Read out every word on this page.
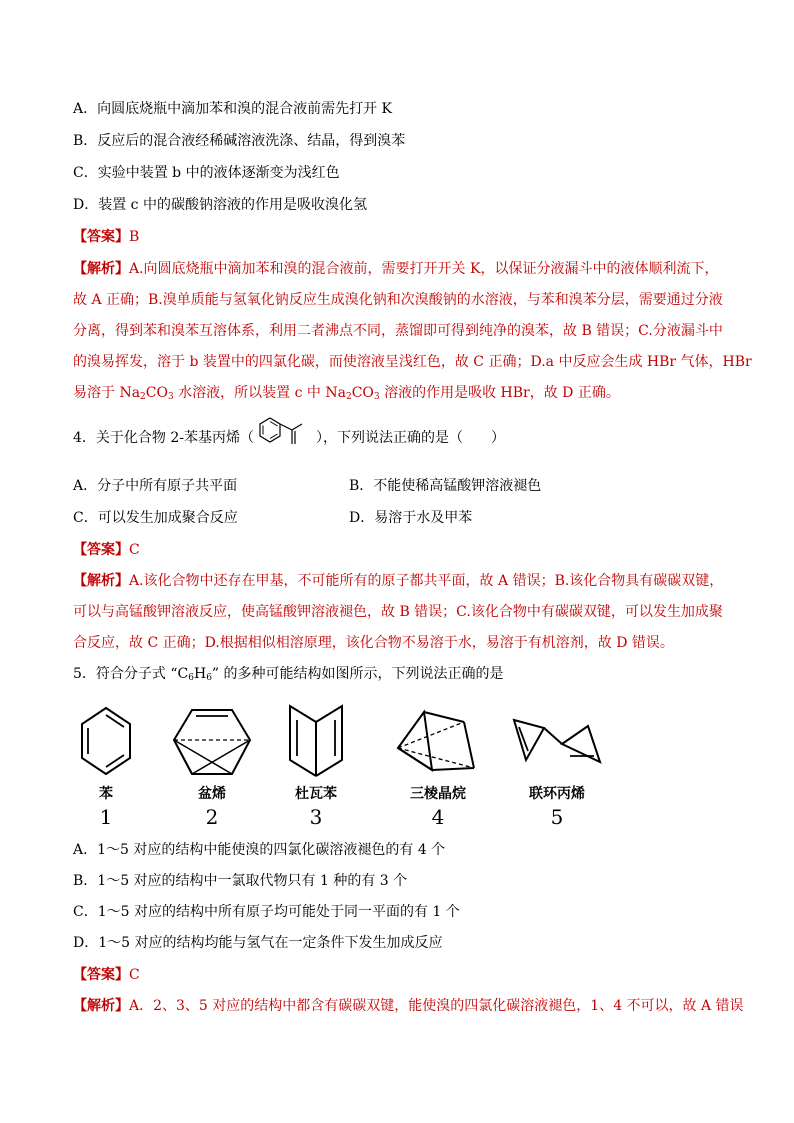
A．向圆底烧瓶中滴加苯和溴的混合液前需先打开 K
B．反应后的混合液经稀碱溶液洗涤、结晶，得到溴苯
C．实验中装置 b 中的液体逐渐变为浅红色
D．装置 c 中的碳酸钠溶液的作用是吸收溴化氢
【答案】B
【解析】A.向圆底烧瓶中滴加苯和溴的混合液前，需要打开开关 K，以保证分液漏斗中的液体顺利流下，
故 A 正确；B.溴单质能与氢氧化钠反应生成溴化钠和次溴酸钠的水溶液，与苯和溴苯分层，需要通过分液
分离，得到苯和溴苯互溶体系，利用二者沸点不同，蒸馏即可得到纯净的溴苯，故 B 错误；C.分液漏斗中
的溴易挥发，溶于 b 装置中的四氯化碳，而使溶液呈浅红色，故 C 正确；D.a 中反应会生成 HBr 气体，HBr
易溶于 $Na_2CO_3$ 水溶液，所以装置 c 中 $Na_2CO_3$ 溶液的作用是吸收 HBr，故 D 正确。
4．关于化合物 2-苯基丙烯（	），下列说法正确的是（　　）
A．分子中所有原子共平面	B．不能使稀高锰酸钾溶液褪色
C．可以发生加成聚合反应	D．易溶于水及甲苯
【答案】C
【解析】A.该化合物中还存在甲基，不可能所有的原子都共平面，故 A 错误；B.该化合物具有碳碳双键，
可以与高锰酸钾溶液反应，使高锰酸钾溶液褪色，故 B 错误；C.该化合物中有碳碳双键，可以发生加成聚
合反应，故 C 正确；D.根据相似相溶原理，该化合物不易溶于水，易溶于有机溶剂，故 D 错误。
5．符合分子式 “$C_6H_6$” 的多种可能结构如图所示，下列说法正确的是
苯	盆烯	杜瓦苯	三棱晶烷	联环丙烯
1	2	3	4	5
A．1～5 对应的结构中能使溴的四氯化碳溶液褪色的有 4 个
B．1～5 对应的结构中一氯取代物只有 1 种的有 3 个
C．1～5 对应的结构中所有原子均可能处于同一平面的有 1 个
D．1～5 对应的结构均能与氢气在一定条件下发生加成反应
【答案】C
【解析】A．2、3、5 对应的结构中都含有碳碳双键，能使溴的四氯化碳溶液褪色，1、4 不可以，故 A 错误
